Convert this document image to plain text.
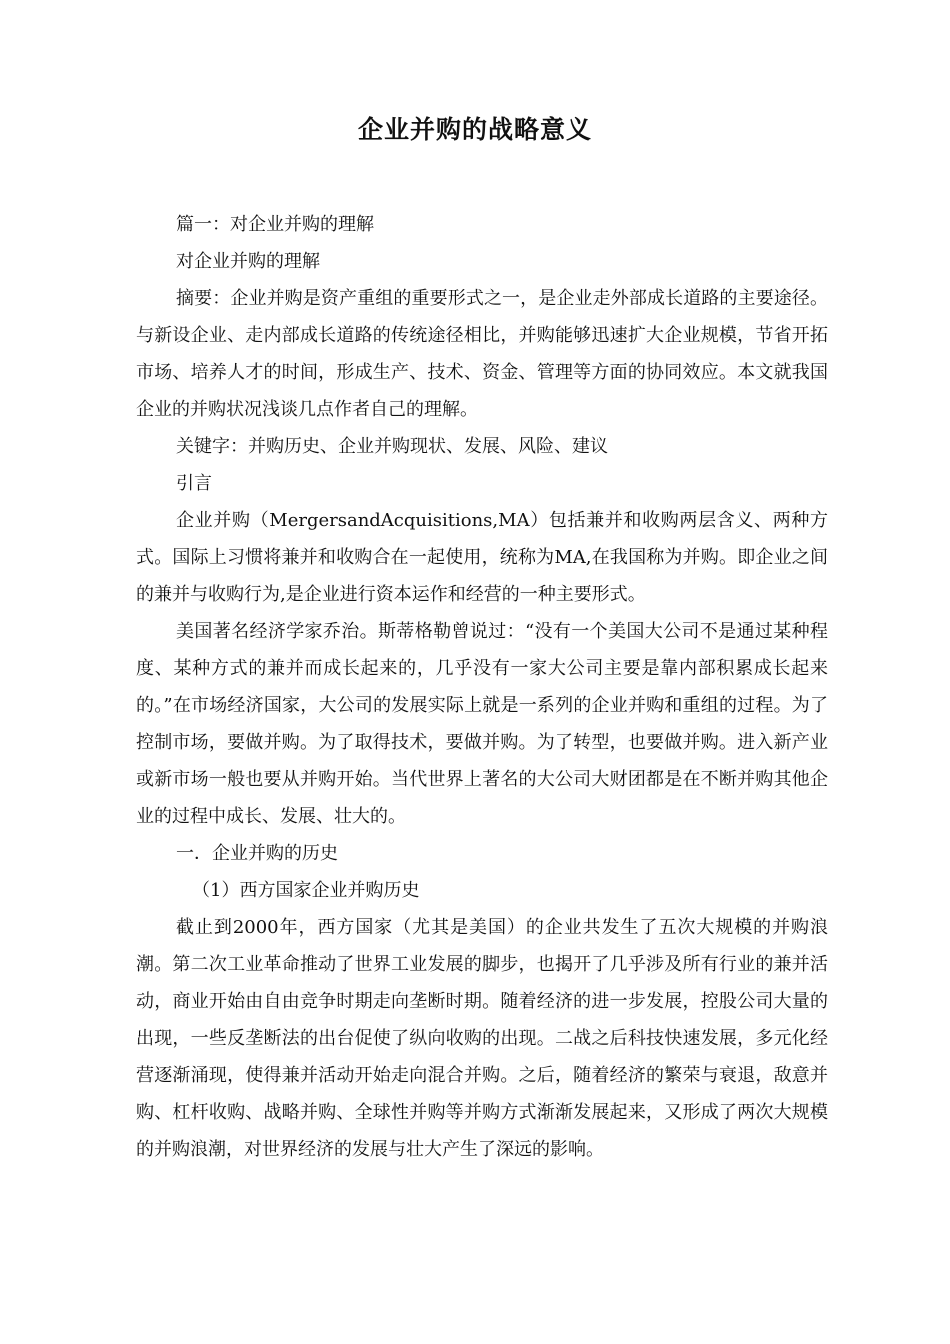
企业并购的战略意义

篇一：对企业并购的理解

对企业并购的理解

摘要：企业并购是资产重组的重要形式之一，是企业走外部成长道路的主要途径。与新设企业、走内部成长道路的传统途径相比，并购能够迅速扩大企业规模，节省开拓市场、培养人才的时间，形成生产、技术、资金、管理等方面的协同效应。本文就我国企业的并购状况浅谈几点作者自己的理解。

关键字：并购历史、企业并购现状、发展、风险、建议

引言

企业并购（MergersandAcquisitions,MA）包括兼并和收购两层含义、两种方式。国际上习惯将兼并和收购合在一起使用，统称为MA,在我国称为并购。即企业之间的兼并与收购行为,是企业进行资本运作和经营的一种主要形式。

美国著名经济学家乔治。斯蒂格勒曾说过：“没有一个美国大公司不是通过某种程度、某种方式的兼并而成长起来的，几乎没有一家大公司主要是靠内部积累成长起来的。”在市场经济国家，大公司的发展实际上就是一系列的企业并购和重组的过程。为了控制市场，要做并购。为了取得技术，要做并购。为了转型，也要做并购。进入新产业或新市场一般也要从并购开始。当代世界上著名的大公司大财团都是在不断并购其他企业的过程中成长、发展、壮大的。

一．企业并购的历史

（1）西方国家企业并购历史

截止到2000年，西方国家（尤其是美国）的企业共发生了五次大规模的并购浪潮。第二次工业革命推动了世界工业发展的脚步，也揭开了几乎涉及所有行业的兼并活动，商业开始由自由竞争时期走向垄断时期。随着经济的进一步发展，控股公司大量的出现，一些反垄断法的出台促使了纵向收购的出现。二战之后科技快速发展，多元化经营逐渐涌现，使得兼并活动开始走向混合并购。之后，随着经济的繁荣与衰退，敌意并购、杠杆收购、战略并购、全球性并购等并购方式渐渐发展起来，又形成了两次大规模的并购浪潮，对世界经济的发展与壮大产生了深远的影响。
